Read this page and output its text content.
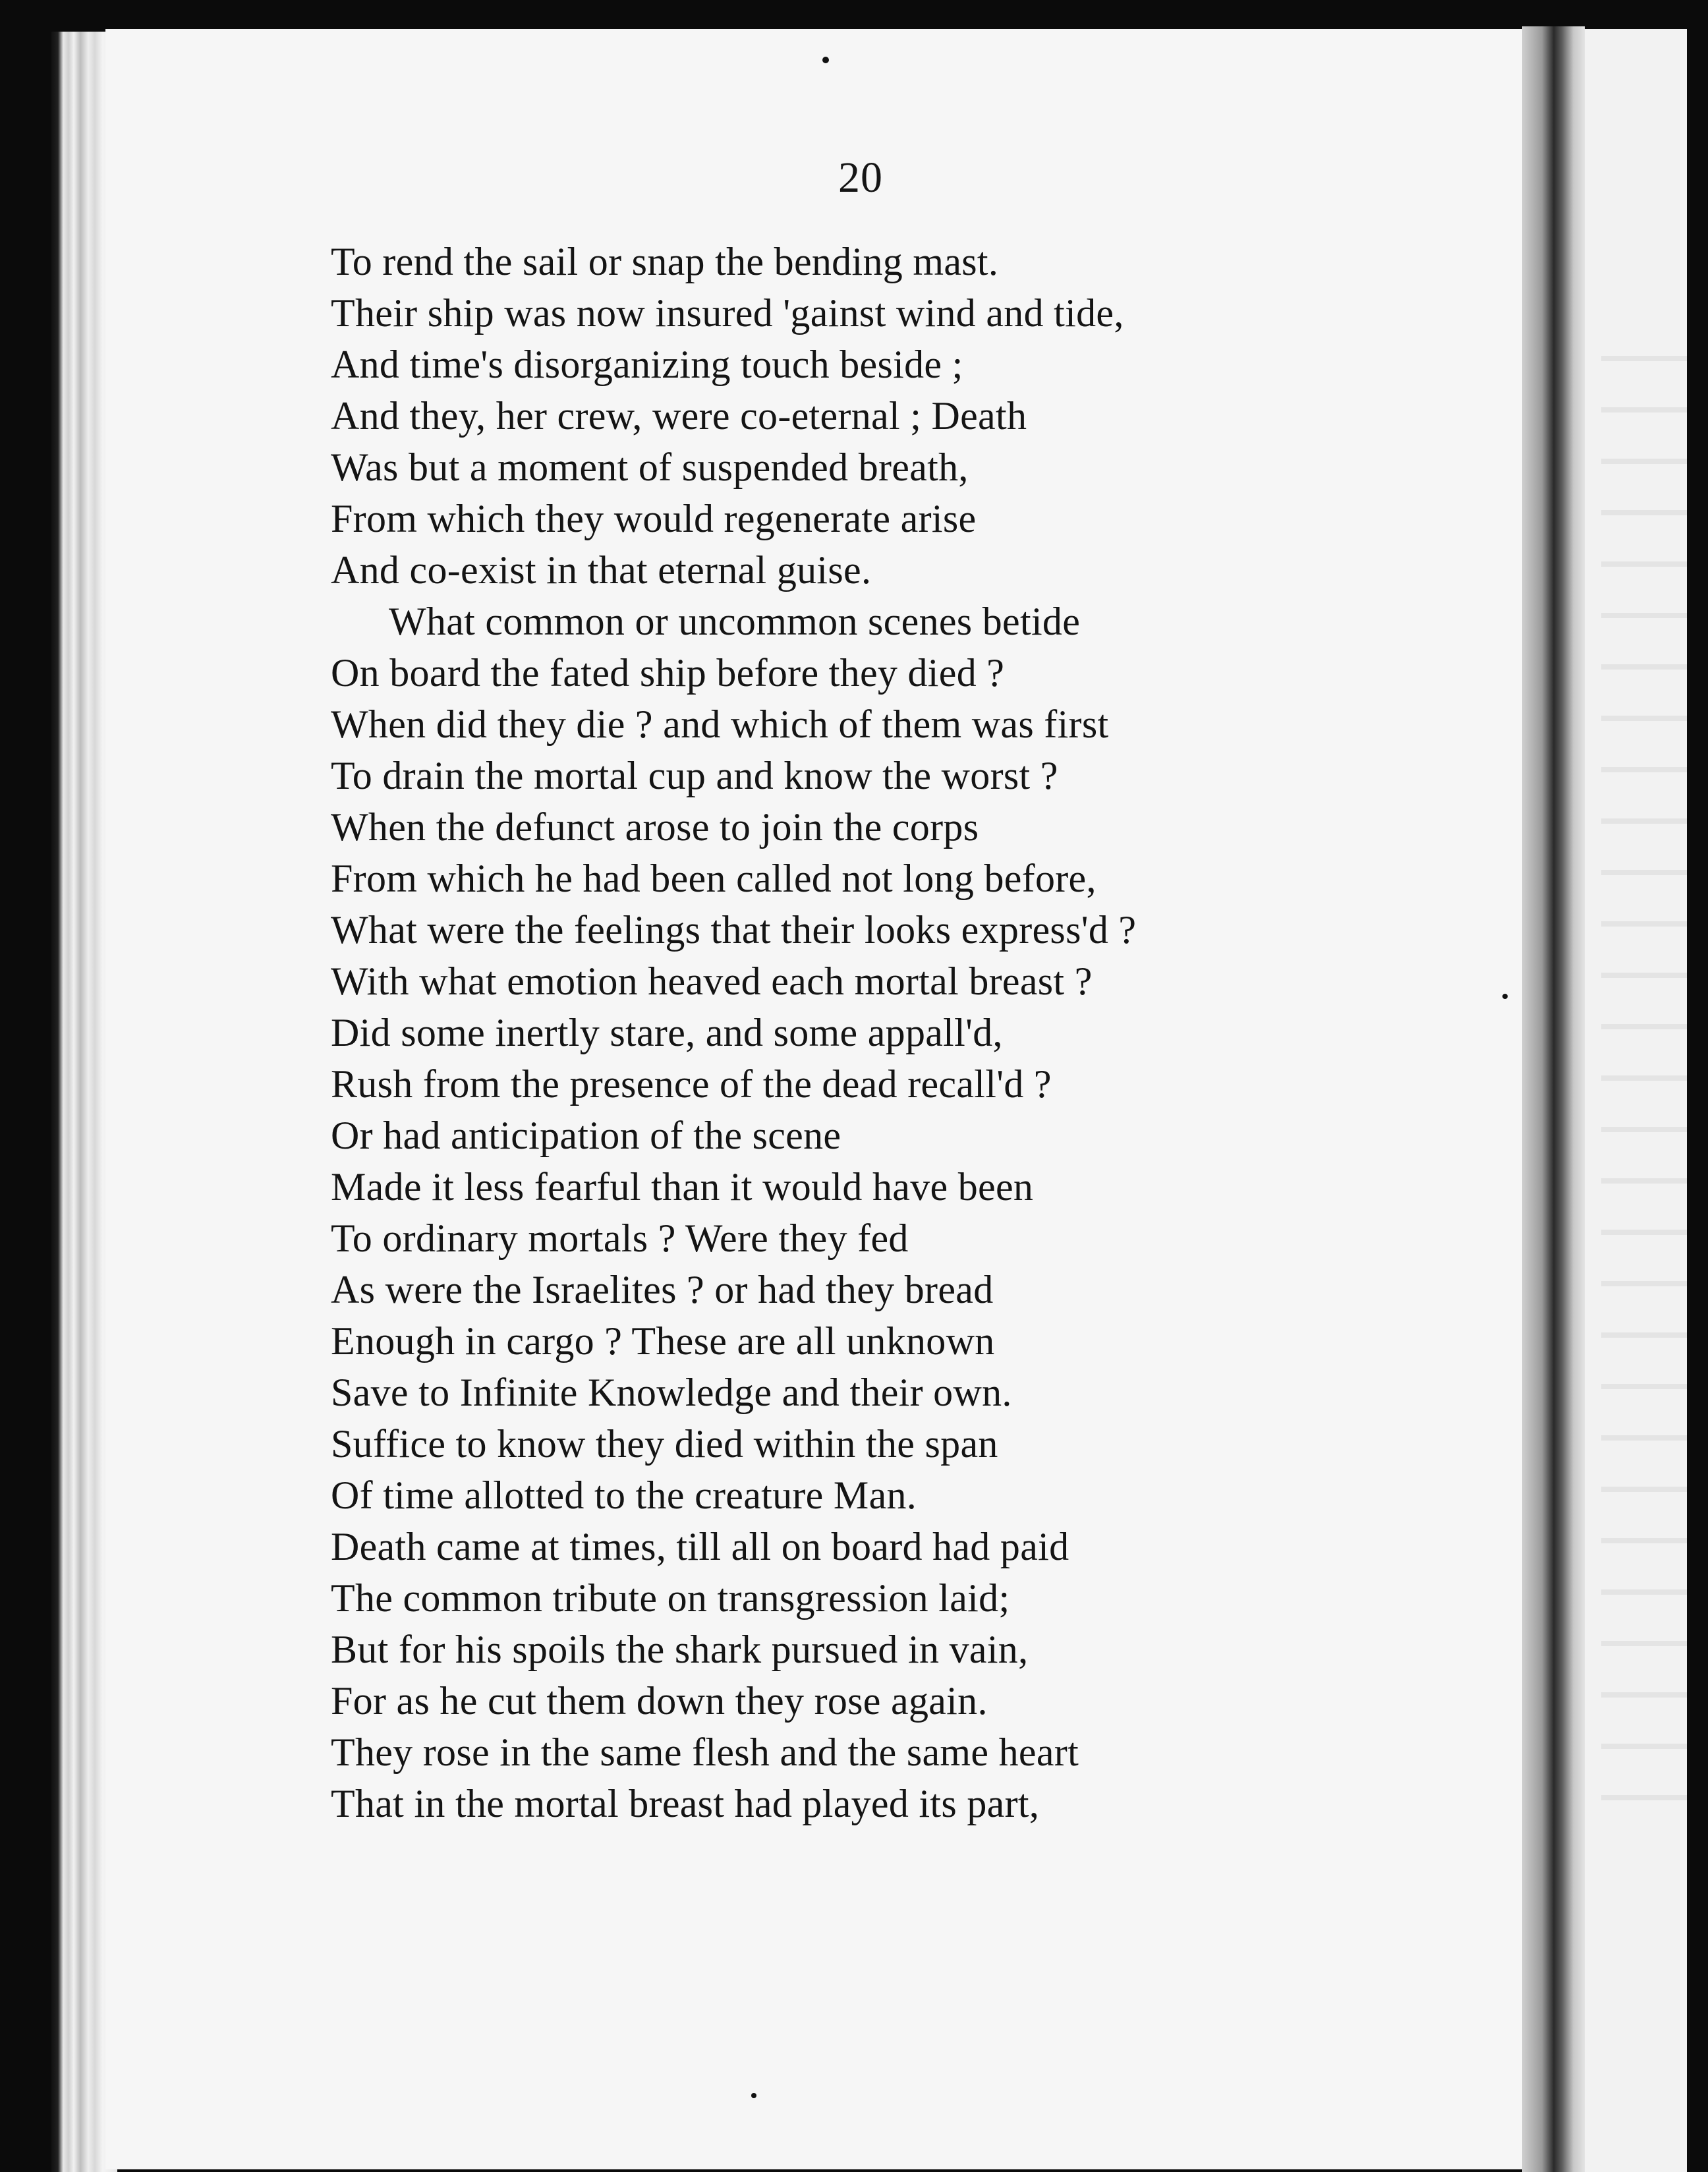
20
To rend the sail or snap the bending mast.
Their ship was now insured 'gainst wind and tide,
And time's disorganizing touch beside ;
And they, her crew, were co-eternal ; Death
Was but a moment of suspended breath,
From which they would regenerate arise
And co-exist in that eternal guise.
What common or uncommon scenes betide
On board the fated ship before they died ?
When did they die ? and which of them was first
To drain the mortal cup and know the worst ?
When the defunct arose to join the corps
From which he had been called not long before,
What were the feelings that their looks express'd ?
With what emotion heaved each mortal breast ?
Did some inertly stare, and some appall'd,
Rush from the presence of the dead recall'd ?
Or had anticipation of the scene
Made it less fearful than it would have been
To ordinary mortals ? Were they fed
As were the Israelites ? or had they bread
Enough in cargo ? These are all unknown
Save to Infinite Knowledge and their own.
Suffice to know they died within the span
Of time allotted to the creature Man.
Death came at times, till all on board had paid
The common tribute on transgression laid;
But for his spoils the shark pursued in vain,
For as he cut them down they rose again.
They rose in the same flesh and the same heart
That in the mortal breast had played its part,
